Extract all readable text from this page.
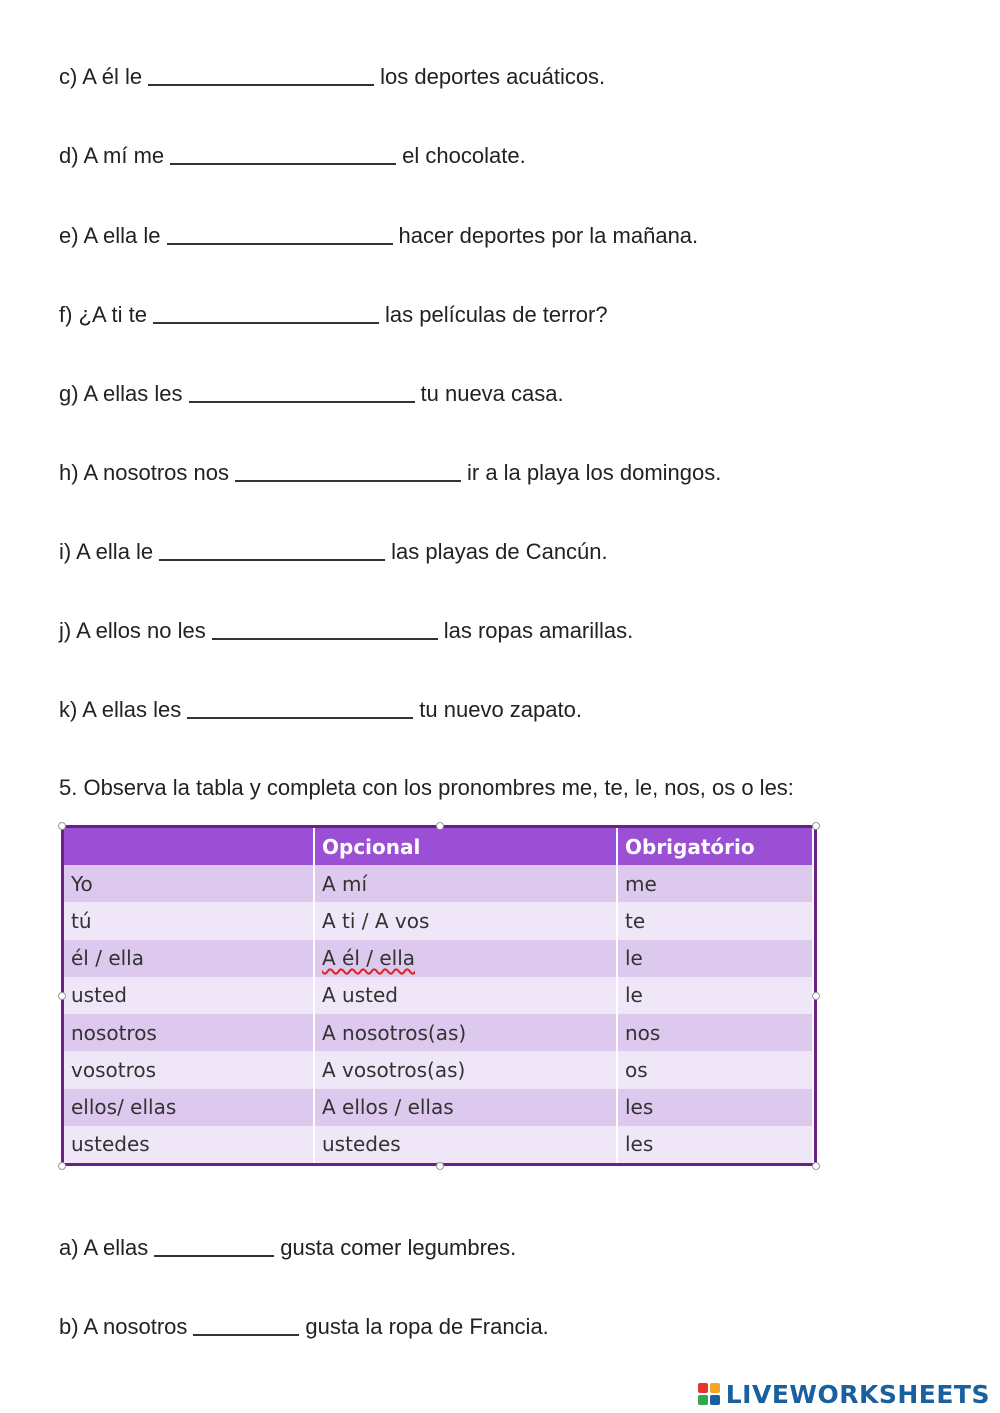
c) A él le	los deportes acuáticos.

d) A mí me	el chocolate.

e) A ella le	hacer deportes por la mañana.

f) ¿A ti te	las películas de terror?

g) A ellas les	tu nueva casa.

h) A nosotros nos	ir a la playa los domingos.

i) A ella le	las playas de Cancún.

j) A ellos no les	las ropas amarillas.

k) A ellas les	tu nuevo zapato.

5. Observa la tabla y completa con los pronombres me, te, le, nos, os o les:

	Opcional	Obrigatório
Yo	A mí	me
tú	A ti / A vos	te
él / ella	A él / ella	le
usted	A usted	le
nosotros	A nosotros(as)	nos
vosotros	A vosotros(as)	os
ellos/ ellas	A ellos / ellas	les
ustedes	ustedes	les

a) A ellas	gusta comer legumbres.

b) A nosotros	gusta la ropa de Francia.

LIVEWORKSHEETS
